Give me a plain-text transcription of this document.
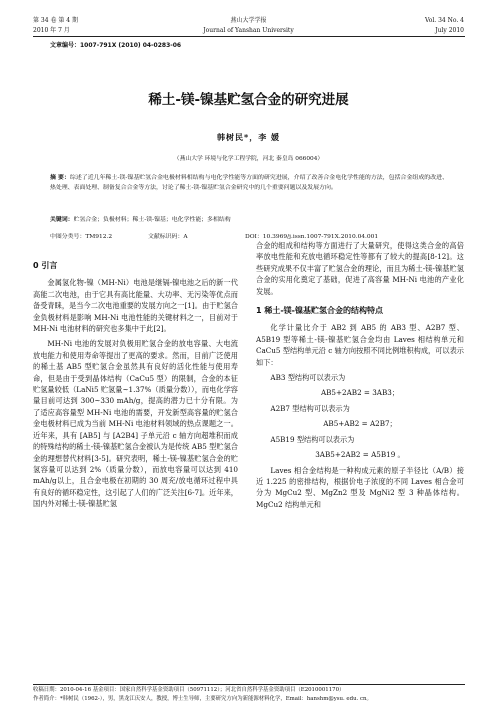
第 34 卷 第 4 期
2010 年 7 月
燕山大学学报
Journal of Yanshan University
Vol. 34 No. 4
July 2010
文章编号：1007-791X (2010) 04-0283-06
稀土-镁-镍基贮氢合金的研究进展
韩树民*，李 媛
（燕山大学 环境与化学工程学院，河北 秦皇岛 066004）
摘 要：综述了近几年稀土-镁-镍基贮氢合金电极材料相结构与电化学性能等方面的研究进展，介绍了改善合金电化学性能的方法，包括合金组成的改进、热处理、表面处理、制备复合合金等方法，讨论了稀土-镁-镍基贮氢合金研究中的几个重要问题以及发展方向。
关键词：贮氢合金；负极材料；稀土-镁-镍基；电化学性能；多相结构
中图分类号：TM912.2	文献标识码：A	DOI：10.3969/j.issn.1007-791X.2010.04.001

0 引言

金属氢化物-镍（MH-Ni）电池是继镉-镍电池之后的新一代高能二次电池，由于它具有高比能量、大功率、无污染等优点而备受青睐，是当今二次电池重要的发展方向之一[1]。由于贮氢合金负极材料是影响 MH-Ni 电池性能的关键材料之一，目前对于 MH-Ni 电池材料的研究也多集中于此[2]。

MH-Ni 电池的发展对负极用贮氢合金的放电容量、大电流放电能力和使用寿命等提出了更高的要求。然而，目前广泛使用的稀土基 AB5 型贮氢合金虽然具有良好的活化性能与使用寿命，但是由于受到晶体结构（CaCu5 型）的限制，合金的本征贮氢量较低（LaNi5 贮氢量~1.37%（质量分数）），而电化学容量目前可达到 300~330 mAh/g，提高的潜力已十分有限。为了适应高容量型 MH-Ni 电池的需要，开发新型高容量的贮氢合金电极材料已成为当前 MH-Ni 电池材料领域的热点课题之一。近年来，具有 [AB5] 与 [A2B4] 子单元沿 c 轴方向超堆积而成的特殊结构的稀土-镁-镍基贮氢合金被认为是传统 AB5 型贮氢合金的理想替代材料[3-5]。研究表明，稀土-镁-镍基贮氢合金的贮氢容量可以达到 2%（质量分数），而放电容量可以达到 410 mAh/g以上，且合金电极在初期的 30 周充/放电循环过程中具有良好的循环稳定性，这引起了人们的广泛关注[6-7]。近年来，国内外对稀土-镁-镍基贮氢

合金的组成和结构等方面进行了大量研究，使得这类合金的高倍率放电性能和充放电循环稳定性等都有了较大的提高[8-12]。这些研究成果不仅丰富了贮氢合金的理论，而且为稀土-镁-镍基贮氢合金的实用化奠定了基础，促进了高容量 MH-Ni 电池的产业化发展。

1 稀土-镁-镍基贮氢合金的结构特点

化学计量比介于 AB2 到 AB5 的 AB3 型、A2B7 型、A5B19 型等稀土-镁-镍基贮氢合金均由 Laves 相结构单元和 CaCu5 型结构单元沿 c 轴方向按照不同比例堆积构成，可以表示如下：

AB3 型结构可以表示为

AB5+2AB2 = 3AB3；

A2B7 型结构可以表示为

AB5+AB2 = A2B7；

A5B19 型结构可以表示为

3AB5+2AB2 = A5B19 。

Laves 相合金结构是一种构成元素的原子半径比（A/B）接近 1.225 的密排结构，根据价电子浓度的不同 Laves 相合金可分为 MgCu2 型、MgZn2 型及 MgNi2 型 3 种晶体结构。MgCu2 结构单元和

收稿日期：2010-04-16 基金项目：国家自然科学基金资助项目（50971112）；河北省自然科学基金资助项目（E2010001170）
作者简介：*韩树民（1962-），男，黑龙江庆安人，教授，博士生导师，主要研究方向为新能源材料化学，Email：hanshm@ysu. edu. cn。
